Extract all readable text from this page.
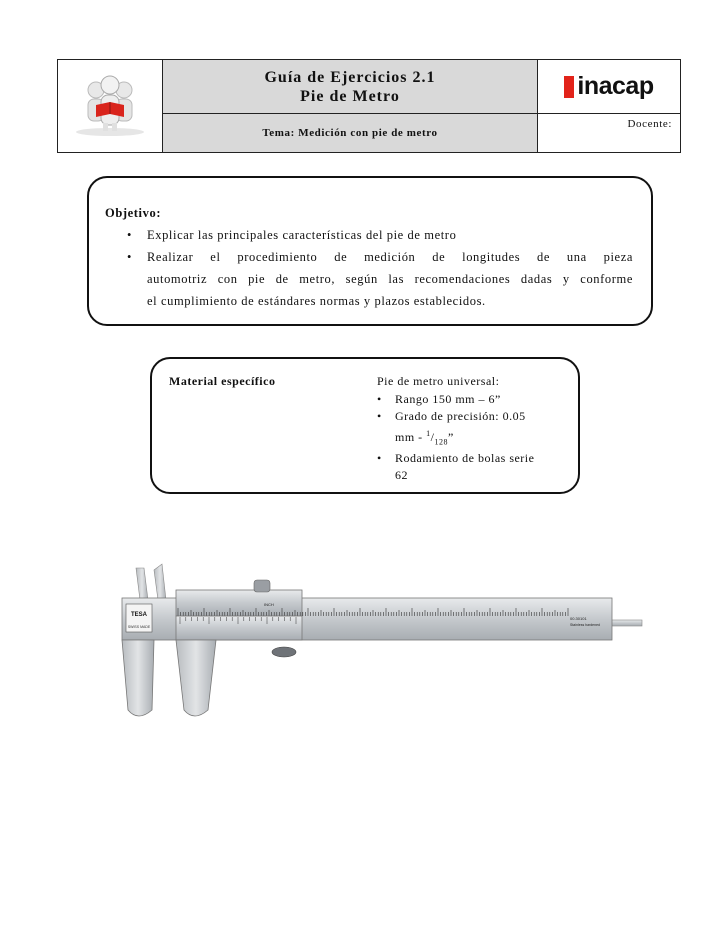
Guía de Ejercicios 2.1
Pie de Metro
Tema: Medición con pie de metro
inacap
Docente:
Objetivo:
• Explicar las principales características del pie de metro
• Realizar el procedimiento de medición de longitudes de una pieza
automotriz con pie de metro, según las recomendaciones dadas y conforme
el cumplimiento de estándares normas y plazos establecidos.
Material específico	Pie de metro universal:
• Rango 150 mm – 6”
• Grado de precisión: 0.05
mm - $^1/_{128}$”
• Rodamiento de bolas serie
62
TESA
SWISS MADE
INCH
00.30101
Stainless hardened
